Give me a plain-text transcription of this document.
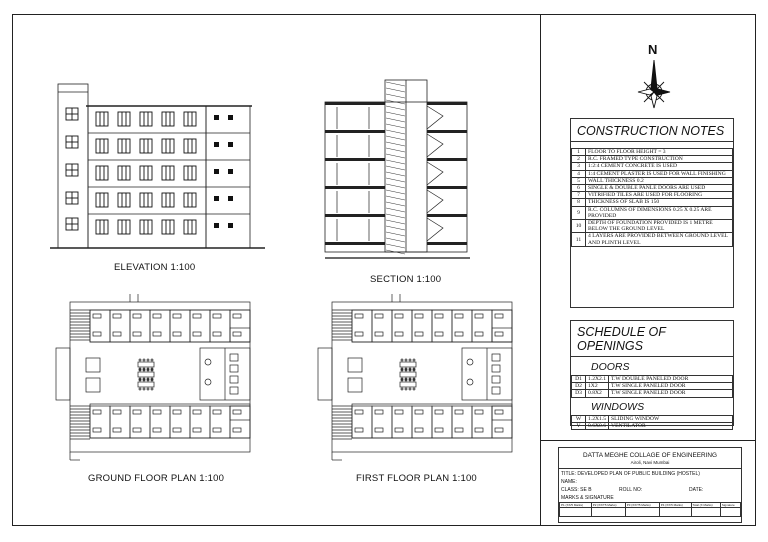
ELEVATION 1:100
SECTION 1:100
GROUND FLOOR PLAN 1:100	FIRST FLOOR PLAN 1:100
N
CONSTRUCTION NOTES
1	FLOOR TO FLOOR HEIGHT = 3
2	R.C. FRAMED TYPE CONSTRUCTION
3	1:2:4 CEMENT CONCRETE IS USED
4	1:4 CEMENT PLASTER IS USED FOR WALL FINISHING
5	WALL THICKNESS 0.2
6	SINGLE & DOUBLE PANLE DOORS ARE USED
7	VITRIFIED TILES ARE USED FOR FLOORING
8	THICKNESS OF SLAB IS 150
9	R.C. COLUMNS OF DIMENSIONS 0.25 X 0.25 ARE PROVIDED
10	DEPTH OF FOUNDATION PROVIDED IS 1 METRE BELOW THE GROUND LEVEL
11	4 LAYERS ARE PROVIDED BETWEEN GROUND LEVEL AND PLINTH LEVEL
SCHEDULE OF OPENINGS
DOORS
D1	1.2X2.1	T.W DOUBLE PANELED DOOR
D2	1X2	T.W SINGLE PANELED DOOR
D3	0.8X2	T.W SINGLE PANELED DOOR
WINDOWS
W	1.2X1.5	SLIDING WINDOW
V	0.6X0.6	VENTILATOR
DATTA MEGHE COLLAGE OF ENGINEERING
Airoli, Navi Mumbai
TITLE: DEVELOPED PLAN OF PUBLIC BUILDING (HOSTEL)
NAME:
CLASS: SE B	ROLL NO:	DATE:
MARKS & SIGNATURE
P1 (XX/5 Marks)	P2 (XX/T5 Marks)	P3 (XX/T5 Marks)	P4 (XX/5 Marks)	Total (X Marks)	Signature
